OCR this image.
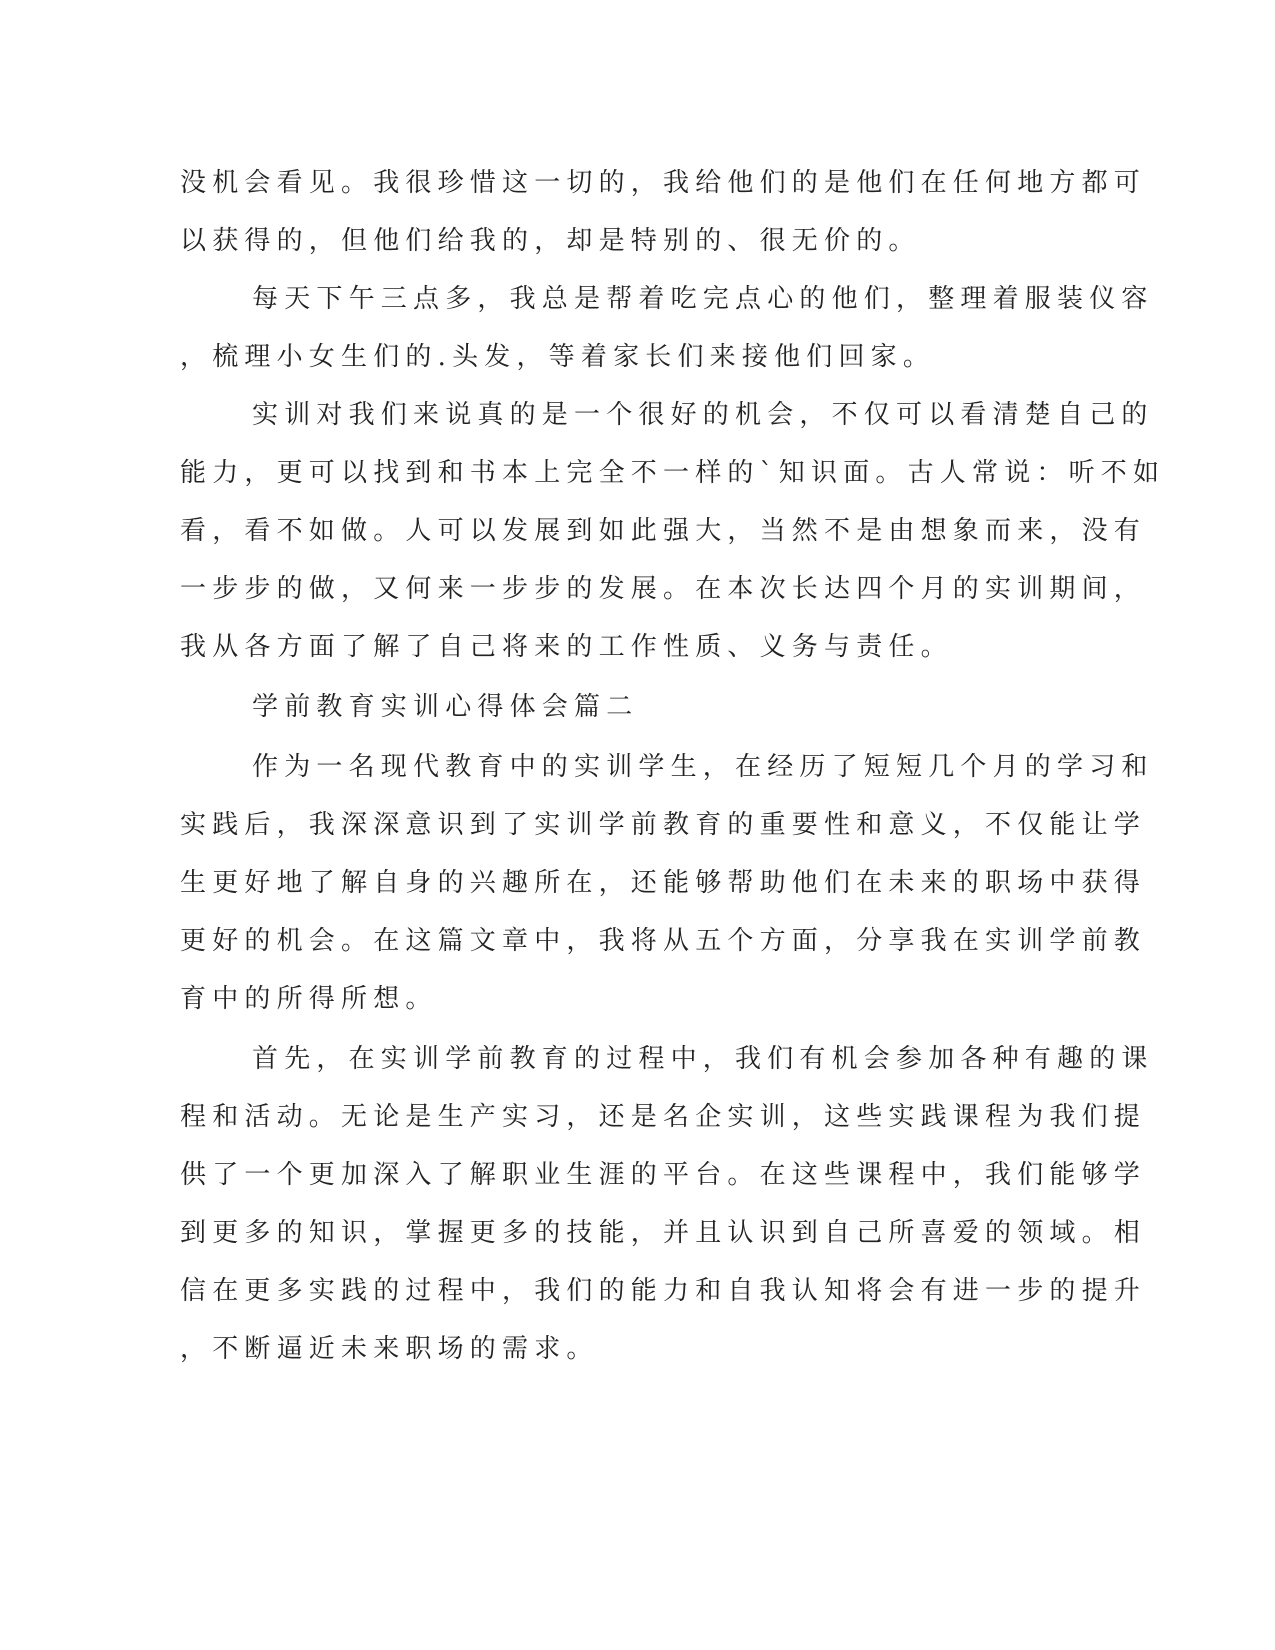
没机会看见。我很珍惜这一切的，我给他们的是他们在任何地方都可
以获得的，但他们给我的，却是特别的、很无价的。
每天下午三点多，我总是帮着吃完点心的他们，整理着服装仪容
，梳理小女生们的.头发，等着家长们来接他们回家。
实训对我们来说真的是一个很好的机会，不仅可以看清楚自己的
能力，更可以找到和书本上完全不一样的`知识面。古人常说：听不如
看，看不如做。人可以发展到如此强大，当然不是由想象而来，没有
一步步的做，又何来一步步的发展。在本次长达四个月的实训期间，
我从各方面了解了自己将来的工作性质、义务与责任。
学前教育实训心得体会篇二
作为一名现代教育中的实训学生，在经历了短短几个月的学习和
实践后，我深深意识到了实训学前教育的重要性和意义，不仅能让学
生更好地了解自身的兴趣所在，还能够帮助他们在未来的职场中获得
更好的机会。在这篇文章中，我将从五个方面，分享我在实训学前教
育中的所得所想。
首先，在实训学前教育的过程中，我们有机会参加各种有趣的课
程和活动。无论是生产实习，还是名企实训，这些实践课程为我们提
供了一个更加深入了解职业生涯的平台。在这些课程中，我们能够学
到更多的知识，掌握更多的技能，并且认识到自己所喜爱的领域。相
信在更多实践的过程中，我们的能力和自我认知将会有进一步的提升
，不断逼近未来职场的需求。
